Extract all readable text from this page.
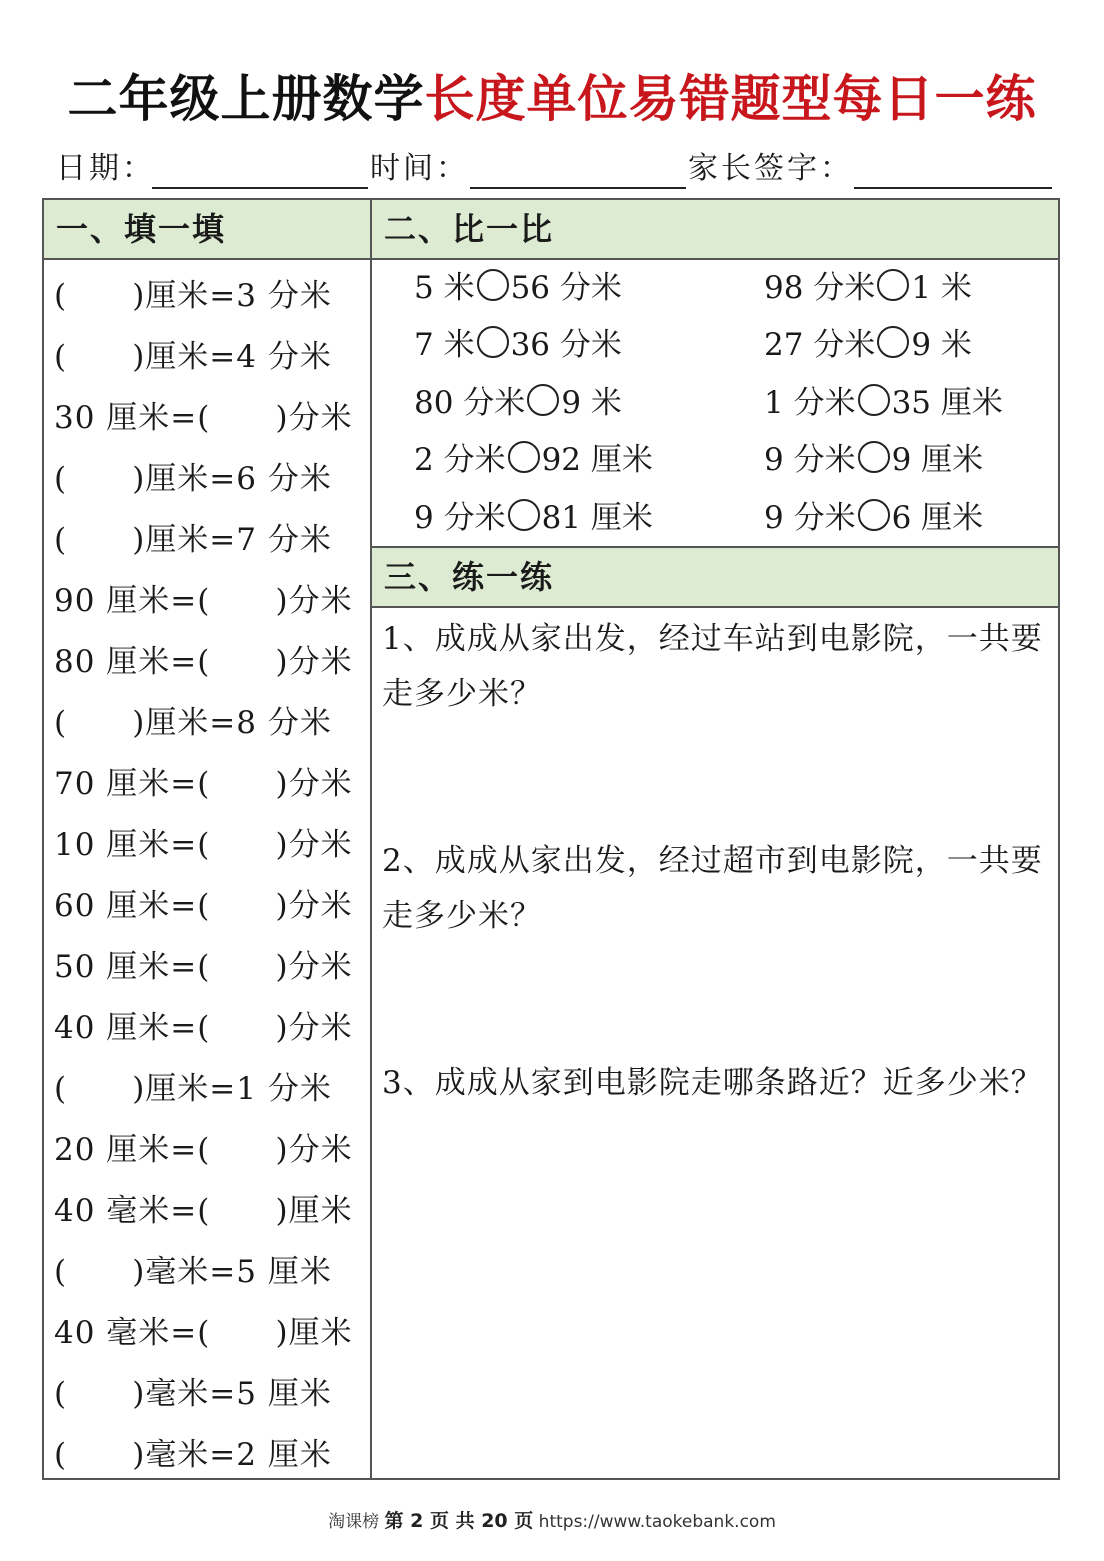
二年级上册数学长度单位易错题型每日一练
日期：	时间：	家长签字：
一、填一填	二、比一比
三、练一练
(      )厘米=3 分米
(      )厘米=4 分米
30 厘米=(      )分米
(      )厘米=6 分米
(      )厘米=7 分米
90 厘米=(      )分米
80 厘米=(      )分米
(      )厘米=8 分米
70 厘米=(      )分米
10 厘米=(      )分米
60 厘米=(      )分米
50 厘米=(      )分米
40 厘米=(      )分米
(      )厘米=1 分米
20 厘米=(      )分米
40 毫米=(      )厘米
(      )毫米=5 厘米
40 毫米=(      )厘米
(      )毫米=5 厘米
(      )毫米=2 厘米
5 米 56 分米	98 分米 1 米
7 米 36 分米	27 分米 9 米
80 分米 9 米	1 分米 35 厘米
2 分米 92 厘米	9 分米 9 厘米
9 分米 81 厘米	9 分米 6 厘米
1、成成从家出发，经过车站到电影院，一共要走多少米？
2、成成从家出发，经过超市到电影院，一共要走多少米？
3、成成从家到电影院走哪条路近？近多少米？
淘课榜 第 2 页 共 20 页 https://www.taokebank.com
